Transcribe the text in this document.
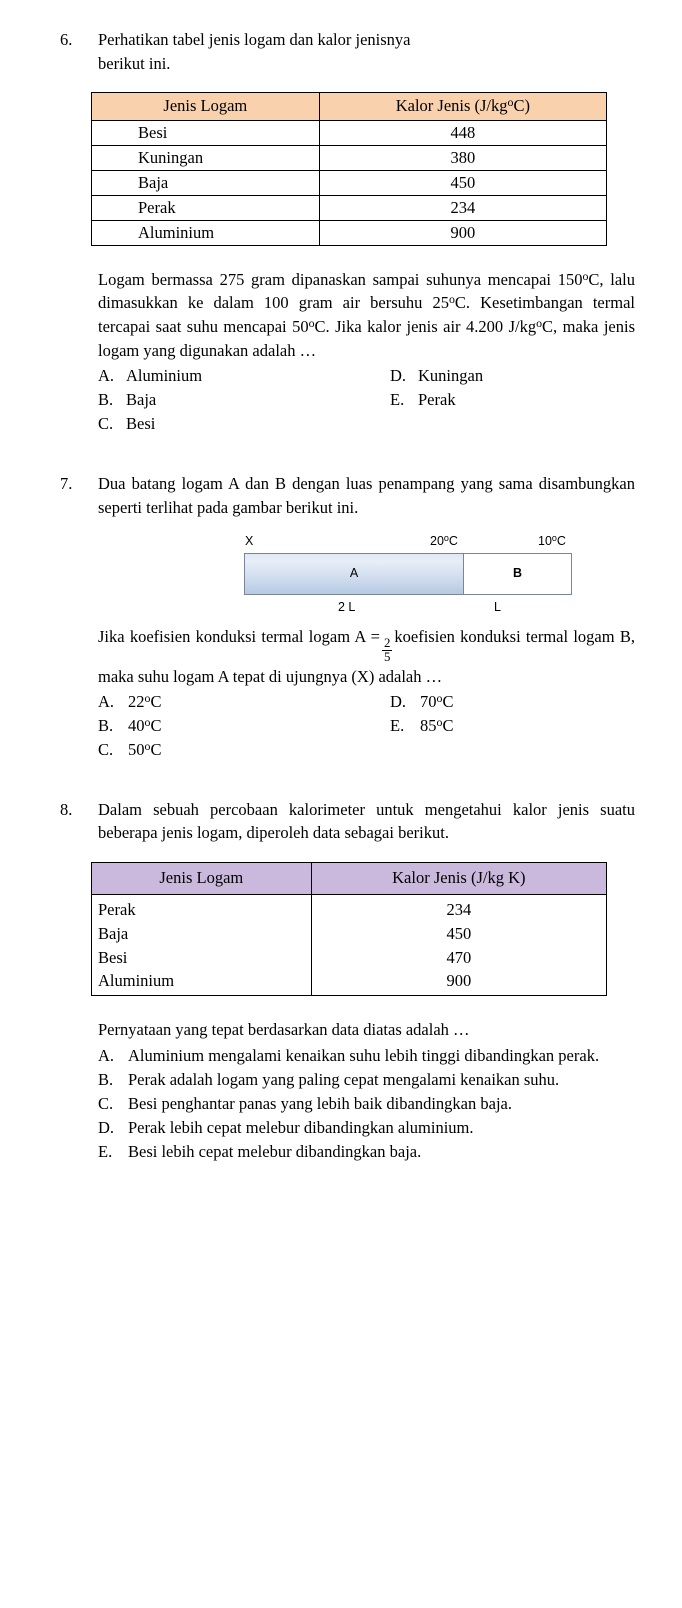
6.	Perhatikan tabel jenis logam dan kalor jenisnya
berikut ini.

Jenis Logam	Kalor Jenis $(J/kg^oC)$
Besi	448
Kuningan	380
Baja	450
Perak	234
Aluminium	900

Logam bermassa 275 gram dipanaskan sampai suhunya mencapai 150$^o$C, lalu dimasukkan ke dalam 100 gram air bersuhu 25$^o$C. Kesetimbangan termal tercapai saat suhu mencapai 50$^o$C. Jika kalor jenis air 4.200 $J/kg^oC$, maka jenis logam yang digunakan adalah …

A. Aluminium	D. Kuningan
B. Baja	E. Perak
C. Besi
7.	Dua batang logam A dan B dengan luas penampang yang sama disambungkan seperti terlihat pada gambar berikut ini.

X	20$^o$C	10$^o$C
A	B
2 L	L

Jika koefisien konduksi termal logam A =
$\frac{2}{5}$
koefisien konduksi termal logam B, maka suhu logam A tepat di ujungnya (X) adalah …

A. 22$^o$C	D. 70$^o$C
B. 40$^o$C	E. 85$^o$C
C. 50$^o$C
8.	Dalam sebuah percobaan kalorimeter untuk mengetahui kalor jenis suatu beberapa jenis logam, diperoleh data sebagai berikut.

Jenis Logam	Kalor Jenis (J/kg K)
Perak	234
Baja	450
Besi	470
Aluminium	900

Pernyataan yang tepat berdasarkan data diatas adalah …

A. Aluminium mengalami kenaikan suhu lebih tinggi dibandingkan perak.
B. Perak adalah logam yang paling cepat mengalami kenaikan suhu.
C. Besi penghantar panas yang lebih baik dibandingkan baja.
D. Perak lebih cepat melebur dibandingkan aluminium.
E. Besi lebih cepat melebur dibandingkan baja.
